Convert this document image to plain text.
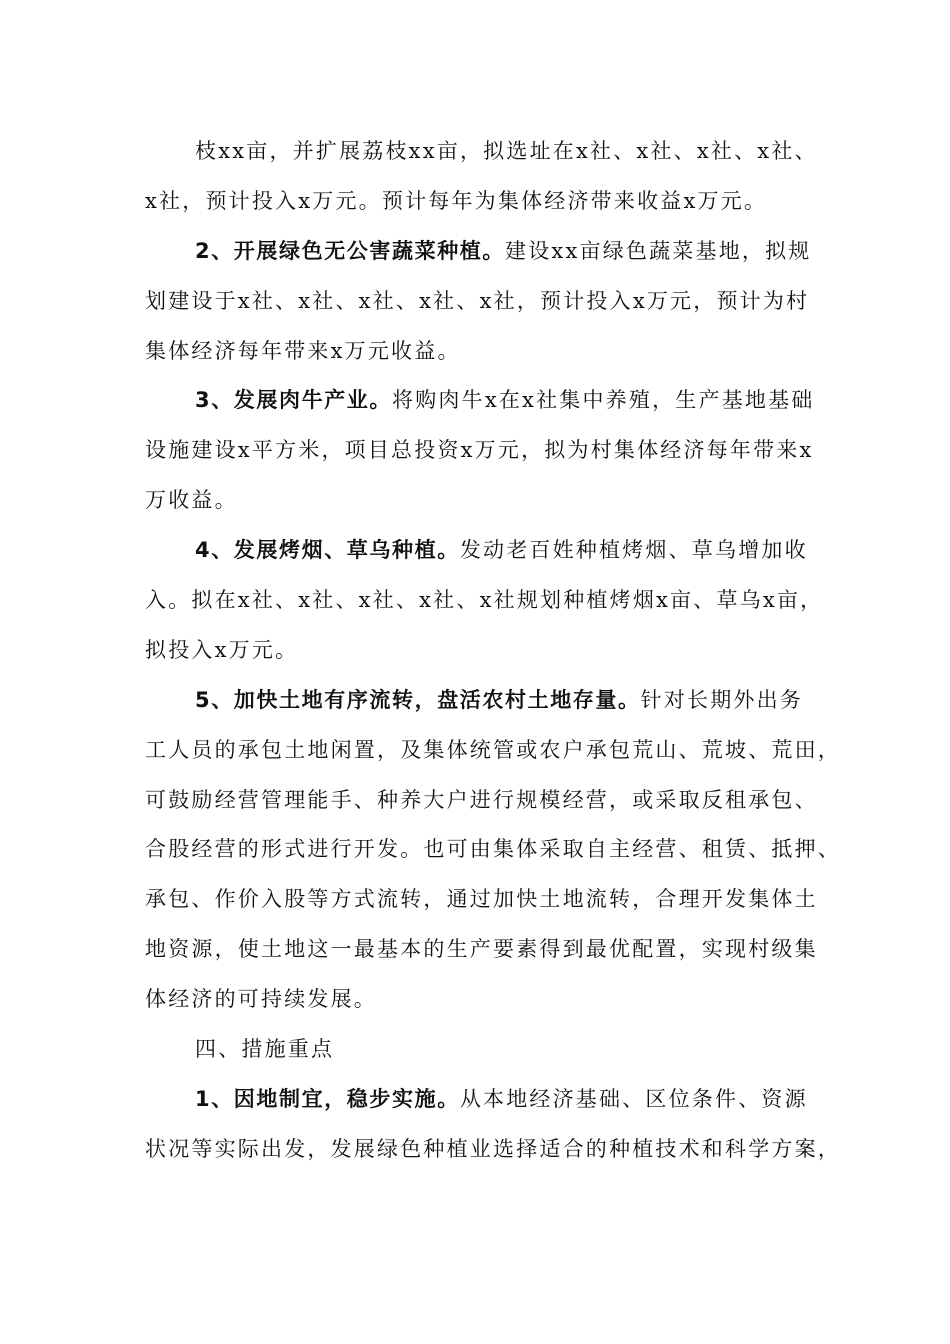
枝xx亩，并扩展荔枝xx亩，拟选址在x社、x社、x社、x社、
x社，预计投入x万元。预计每年为集体经济带来收益x万元。
2、开展绿色无公害蔬菜种植。建设xx亩绿色蔬菜基地，拟规
划建设于x社、x社、x社、x社、x社，预计投入x万元，预计为村
集体经济每年带来x万元收益。
3、发展肉牛产业。将购肉牛x在x社集中养殖，生产基地基础
设施建设x平方米，项目总投资x万元，拟为村集体经济每年带来x
万收益。
4、发展烤烟、草乌种植。发动老百姓种植烤烟、草乌增加收
入。拟在x社、x社、x社、x社、x社规划种植烤烟x亩、草乌x亩，
拟投入x万元。
5、加快土地有序流转，盘活农村土地存量。针对长期外出务
工人员的承包土地闲置，及集体统管或农户承包荒山、荒坡、荒田，
可鼓励经营管理能手、种养大户进行规模经营，或采取反租承包、
合股经营的形式进行开发。也可由集体采取自主经营、租赁、抵押、
承包、作价入股等方式流转，通过加快土地流转，合理开发集体土
地资源，使土地这一最基本的生产要素得到最优配置，实现村级集
体经济的可持续发展。
四、措施重点
1、因地制宜，稳步实施。从本地经济基础、区位条件、资源
状况等实际出发，发展绿色种植业选择适合的种植技术和科学方案，
